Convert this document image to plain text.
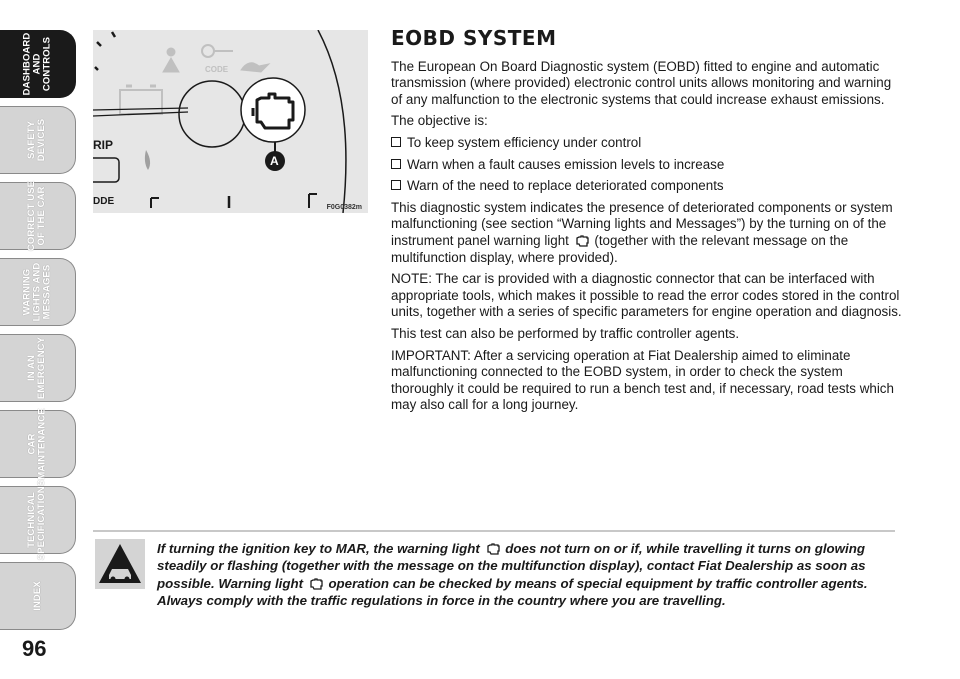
DASHBOARD
AND CONTROLS
SAFETY
DEVICES
CORRECT USE
OF THE CAR
WARNING
LIGHTS AND
MESSAGES
IN AN
EMERGENCY
CAR
MAINTENANCE
TECHNICAL
SPECIFICATIONS
INDEX
96
CODE
RIP
DDE
A
F0G0382m
EOBD SYSTEM

The European On Board Diagnostic system (EOBD) fitted to engine and automatic transmission (where provided) electronic control units allows monitoring and warning of any malfunction to the electronic systems that could increase exhaust emissions.

The objective is:

To keep system efficiency under control
Warn when a fault causes emission levels to increase
Warn of the need to replace deteriorated components

This diagnostic system indicates the presence of deteriorated components or system malfunctioning (see section “Warning lights and Messages”) by the turning on of the instrument panel warning light (together with the relevant message on the multifunction display, where provided).

NOTE: The car is provided with a diagnostic connector that can be interfaced with appropriate tools, which makes it possible to read the error codes stored in the control units, together with a series of specific parameters for engine operation and diagnosis.

This test can also be performed by traffic controller agents.

IMPORTANT: After a servicing operation at Fiat Dealership aimed to eliminate malfunctioning connected to the EOBD system, in order to check the system thoroughly it could be required to run a bench test and, if necessary, road tests which may also call for a long journey.

If turning the ignition key to MAR, the warning light does not turn on or if, while travelling it turns on glowing steadily or flashing (together with the message on the multifunction display), contact Fiat Dealership as soon as possible. Warning light operation can be checked by means of special equipment by traffic controller agents. Always comply with the traffic regulations in force in the country where you are travelling.
